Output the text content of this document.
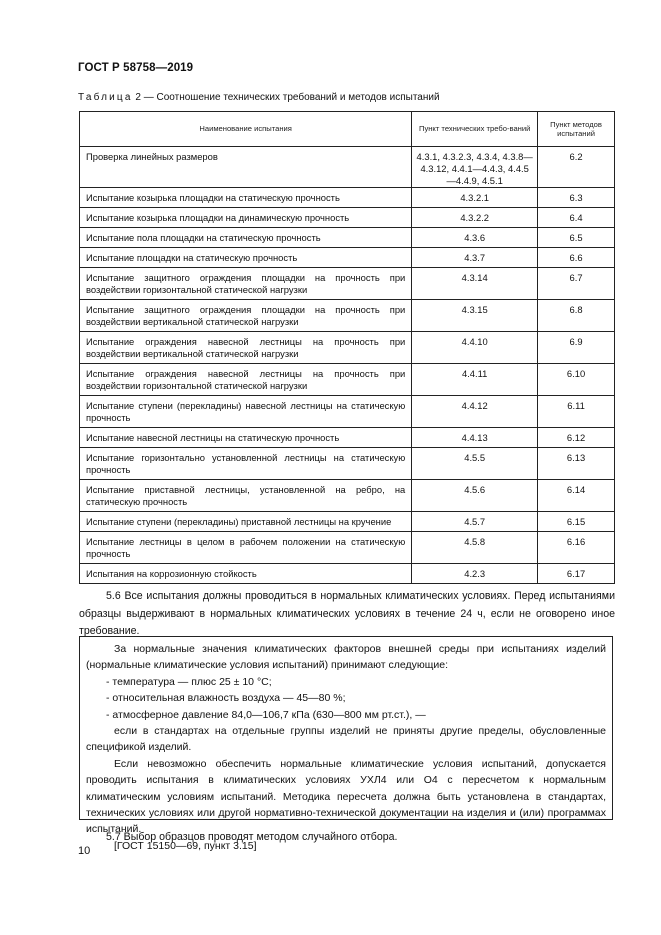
ГОСТ Р 58758—2019
Таблица 2 — Соотношение технических требований и методов испытаний
Наименование испытания	Пункт технических требо-ваний	Пункт методов испытаний
Проверка линейных размеров	4.3.1, 4.3.2.3, 4.3.4, 4.3.8—4.3.12, 4.4.1—4.4.3, 4.4.5—4.4.9, 4.5.1	6.2
Испытание козырька площадки на статическую прочность	4.3.2.1	6.3
Испытание козырька площадки на динамическую прочность	4.3.2.2	6.4
Испытание пола площадки на статическую прочность	4.3.6	6.5
Испытание площадки на статическую прочность	4.3.7	6.6
Испытание защитного ограждения площадки на прочность при воздействии горизонтальной статической нагрузки	4.3.14	6.7
Испытание защитного ограждения площадки на прочность при воздействии вертикальной статической нагрузки	4.3.15	6.8
Испытание ограждения навесной лестницы на прочность при воздействии вертикальной статической нагрузки	4.4.10	6.9
Испытание ограждения навесной лестницы на прочность при воздействии горизонтальной статической нагрузки	4.4.11	6.10
Испытание ступени (перекладины) навесной лестницы на статическую прочность	4.4.12	6.11
Испытание навесной лестницы на статическую прочность	4.4.13	6.12
Испытание горизонтально установленной лестницы на статическую прочность	4.5.5	6.13
Испытание приставной лестницы, установленной на ребро, на статическую прочность	4.5.6	6.14
Испытание ступени (перекладины) приставной лестницы на кручение	4.5.7	6.15
Испытание лестницы в целом в рабочем положении на статическую прочность	4.5.8	6.16
Испытания на коррозионную стойкость	4.2.3	6.17
5.6 Все испытания должны проводиться в нормальных климатических условиях. Перед испытаниями образцы выдерживают в нормальных климатических условиях в течение 24 ч, если не оговорено иное требование.

За нормальные значения климатических факторов внешней среды при испытаниях изделий (нормальные климатические условия испытаний) принимают следующие:

- температура — плюс 25 ± 10 °С;

- относительная влажность воздуха — 45—80 %;

- атмосферное давление 84,0—106,7 кПа (630—800 мм рт.ст.), —

если в стандартах на отдельные группы изделий не приняты другие пределы, обусловленные спецификой изделий.

Если невозможно обеспечить нормальные климатические условия испытаний, допускается проводить испытания в климатических условиях УХЛ4 или О4 с пересчетом к нормальным климатическим условиям испытаний. Методика пересчета должна быть установлена в стандартах, технических условиях или другой нормативно-технической документации на изделия и (или) программах испытаний.

[ГОСТ 15150—69, пункт 3.15]

5.7 Выбор образцов проводят методом случайного отбора.
10
